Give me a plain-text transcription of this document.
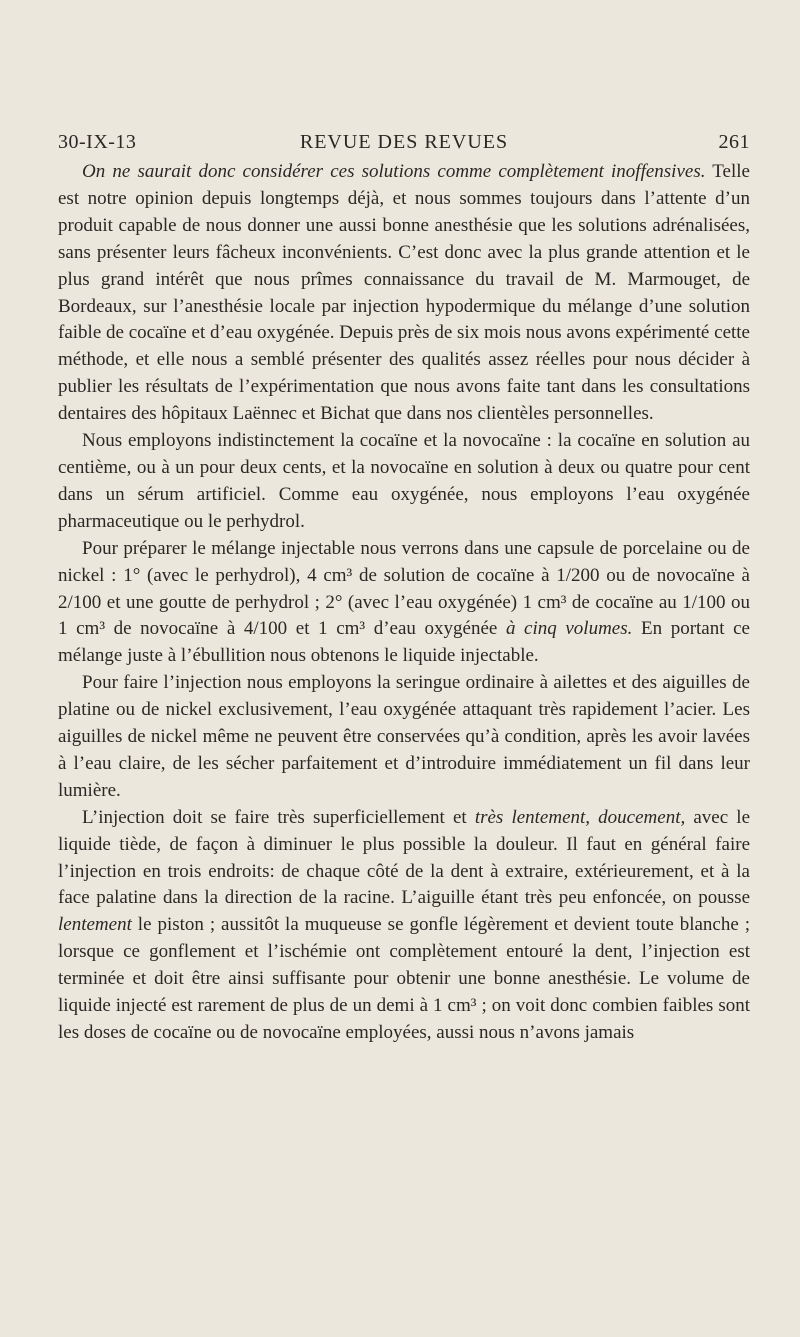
REVUE DES REVUES
30-IX-13	261

On ne saurait donc considérer ces solutions comme complètement inoffensives. Telle est notre opinion depuis longtemps déjà, et nous sommes toujours dans l’attente d’un produit capable de nous donner une aussi bonne anesthésie que les solutions adrénalisées, sans présenter leurs fâcheux inconvénients. C’est donc avec la plus grande attention et le plus grand intérêt que nous prîmes connaissance du travail de M. Marmouget, de Bordeaux, sur l’anesthésie locale par injection hypodermique du mélange d’une solution faible de cocaïne et d’eau oxygénée. Depuis près de six mois nous avons expérimenté cette méthode, et elle nous a semblé présenter des qualités assez réelles pour nous décider à publier les résultats de l’expérimentation que nous avons faite tant dans les consultations dentaires des hôpitaux Laënnec et Bichat que dans nos clientèles personnelles.

Nous employons indistinctement la cocaïne et la novocaïne : la cocaïne en solution au centième, ou à un pour deux cents, et la novocaïne en solution à deux ou quatre pour cent dans un sérum artificiel. Comme eau oxygénée, nous employons l’eau oxygénée pharmaceutique ou le perhydrol.

Pour préparer le mélange injectable nous verrons dans une capsule de porcelaine ou de nickel : 1° (avec le perhydrol), 4 cm³ de solution de cocaïne à 1/200 ou de novocaïne à 2/100 et une goutte de perhydrol ; 2° (avec l’eau oxygénée) 1 cm³ de cocaïne au 1/100 ou 1 cm³ de novocaïne à 4/100 et 1 cm³ d’eau oxygénée à cinq volumes. En portant ce mélange juste à l’ébullition nous obtenons le liquide injectable.

Pour faire l’injection nous employons la seringue ordinaire à ailettes et des aiguilles de platine ou de nickel exclusivement, l’eau oxygénée attaquant très rapidement l’acier. Les aiguilles de nickel même ne peuvent être conservées qu’à condition, après les avoir lavées à l’eau claire, de les sécher parfaitement et d’introduire immédiatement un fil dans leur lumière.

L’injection doit se faire très superficiellement et très lentement, doucement, avec le liquide tiède, de façon à diminuer le plus possible la douleur. Il faut en général faire l’injection en trois endroits: de chaque côté de la dent à extraire, extérieurement, et à la face palatine dans la direction de la racine. L’aiguille étant très peu enfoncée, on pousse lentement le piston ; aussitôt la muqueuse se gonfle légèrement et devient toute blanche ; lorsque ce gonflement et l’ischémie ont complètement entouré la dent, l’injection est terminée et doit être ainsi suffisante pour obtenir une bonne anesthésie. Le volume de liquide injecté est rarement de plus de un demi à 1 cm³ ; on voit donc combien faibles sont les doses de cocaïne ou de novocaïne employées, aussi nous n’avons jamais
